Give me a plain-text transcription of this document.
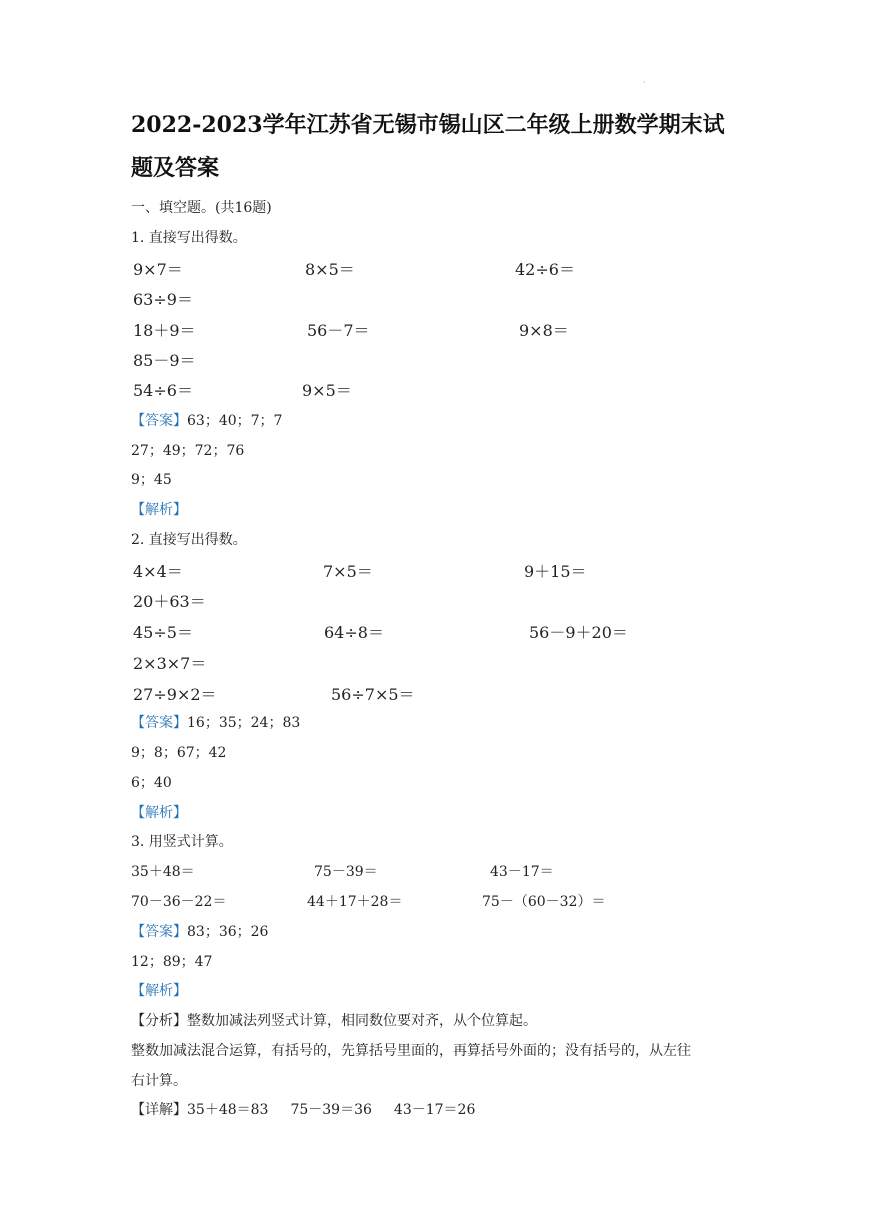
·
2022-2023学年江苏省无锡市锡山区二年级上册数学期末试
题及答案
一、填空题。(共16题)
1. 直接写出得数。
9×7＝	8×5＝	42÷6＝
63÷9＝
18＋9＝	56－7＝	9×8＝
85－9＝
54÷6＝	9×5＝
【答案】63；40；7；7
27；49；72；76
9；45
【解析】
2. 直接写出得数。
4×4＝	7×5＝	9＋15＝
20＋63＝
45÷5＝	64÷8＝	56－9＋20＝
2×3×7＝
27÷9×2＝	56÷7×5＝
【答案】16；35；24；83
9；8；67；42
6；40
【解析】
3. 用竖式计算。
35＋48＝	75－39＝	43－17＝
70－36－22＝	44＋17＋28＝	75－（60－32）＝
【答案】83；36；26
12；89；47
【解析】
【分析】整数加减法列竖式计算，相同数位要对齐，从个位算起。
整数加减法混合运算，有括号的，先算括号里面的，再算括号外面的；没有括号的，从左往
右计算。
【详解】35＋48＝83 75－39＝36 43－17＝26
